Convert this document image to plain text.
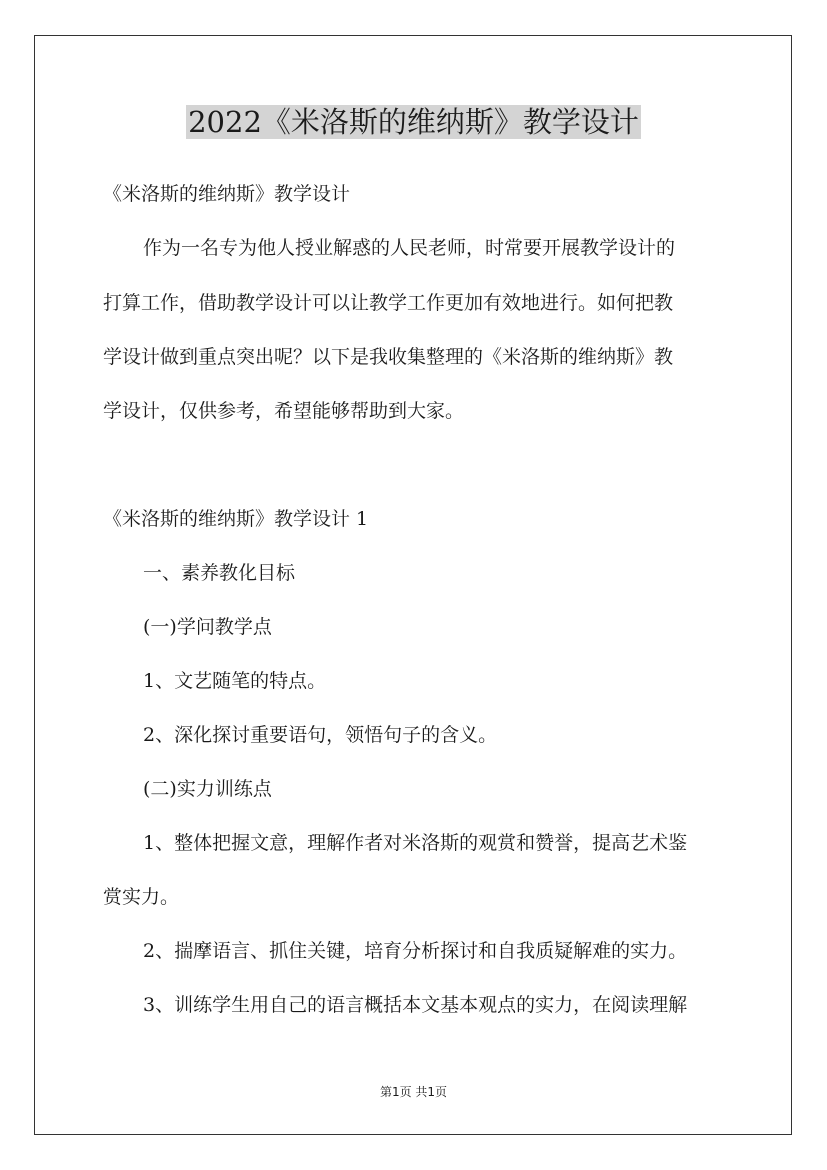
2022《米洛斯的维纳斯》教学设计

《米洛斯的维纳斯》教学设计

作为一名专为他人授业解惑的人民老师，时常要开展教学设计的

打算工作，借助教学设计可以让教学工作更加有效地进行。如何把教

学设计做到重点突出呢？以下是我收集整理的《米洛斯的维纳斯》教

学设计，仅供参考，希望能够帮助到大家。

《米洛斯的维纳斯》教学设计 1

一、素养教化目标

(一)学问教学点

1、文艺随笔的特点。

2、深化探讨重要语句，领悟句子的含义。

(二)实力训练点

1、整体把握文意，理解作者对米洛斯的观赏和赞誉，提高艺术鉴

赏实力。

2、揣摩语言、抓住关键，培育分析探讨和自我质疑解难的实力。

3、训练学生用自己的语言概括本文基本观点的实力，在阅读理解

第1页 共1页
